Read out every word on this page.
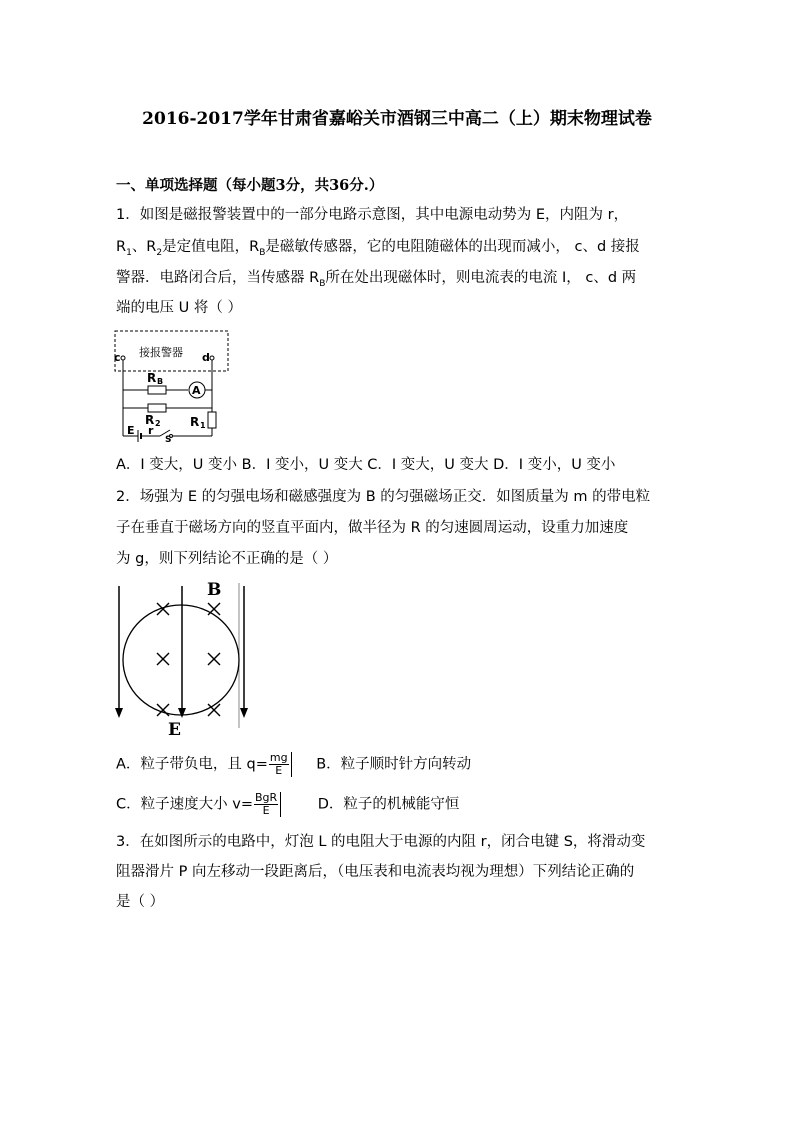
2016-2017学年甘肃省嘉峪关市酒钢三中高二（上）期末物理试卷
一、单项选择题（每小题3分，共36分.）
1．如图是磁报警装置中的一部分电路示意图，其中电源电动势为 E，内阻为 r，
$R_1$、$R_2$是定值电阻，$R_B$是磁敏传感器，它的电阻随磁体的出现而减小， c、d 接报
警器．电路闭合后，当传感器 $R_B$所在处出现磁体时，则电流表的电流 I， c、d 两
端的电压 U 将（ ）
接报警器
c	d
A
R B
R 2 R 1
E r
S
A．I 变大，U 变小 B．I 变小，U 变大 C．I 变大，U 变大 D．I 变小，U 变小
2．场强为 E 的匀强电场和磁感强度为 B 的匀强磁场正交．如图质量为 m 的带电粒
子在垂直于磁场方向的竖直平面内，做半径为 R 的匀速圆周运动，设重力加速度
为 g，则下列结论不正确的是（ ）
B
E
A．粒子带负电，且 $q= \frac{mg}{E}$ B．粒子顺时针方向转动
C．粒子速度大小 $v= \frac{\text{BgR}}{E}$	D．粒子的机械能守恒
3．在如图所示的电路中，灯泡 L 的电阻大于电源的内阻 r，闭合电键 S，将滑动变
阻器滑片 P 向左移动一段距离后，（电压表和电流表均视为理想）下列结论正确的
是（ ）
